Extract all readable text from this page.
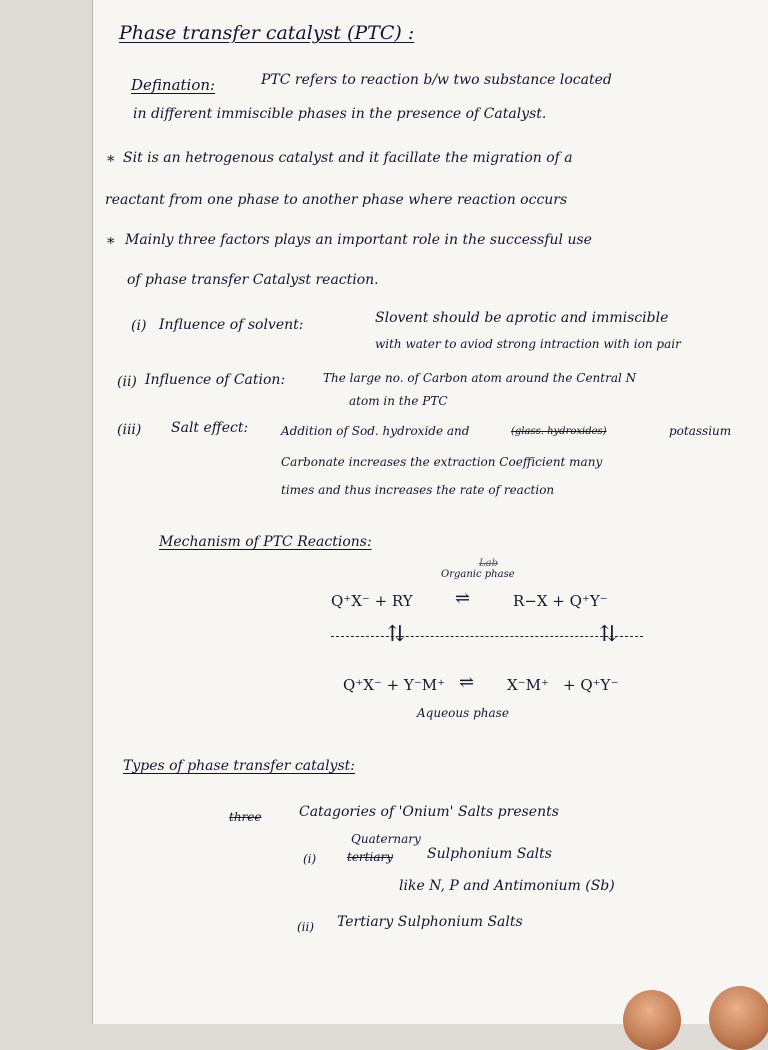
Phase transfer catalyst (PTC) :
Defination:	PTC refers to reaction b/w two substance located
in different immiscible phases in the presence of Catalyst.
* Sit is an hetrogenous catalyst and it facillate the migration of a
reactant from one phase to another phase where reaction occurs
* Mainly three factors plays an important role in the successful use
of phase transfer Catalyst reaction.
(i) Influence of solvent:	Slovent should be aprotic and immiscible
with water to aviod strong intraction with ion pair
(ii) Influence of Cation:	The large no. of Carbon atom around the Central N
atom in the PTC
(iii) Salt effect:	Addition of Sod. hydroxide and	(glass. hydroxides)	potassium
Carbonate increases the extraction Coefficient many
times and thus increases the rate of reaction
Mechanism of PTC Reactions:
Organic phase
Lab
Q⁺X⁻ + RY ⇌	R−X + Q⁺Y⁻
⇅	⇅
Q⁺X⁻ + Y⁻M⁺ ⇌ X⁻M⁺ + Q⁺Y⁻
Aqueous phase
Types of phase transfer catalyst:
three	Catagories of 'Onium' Salts presents
Quaternary
(i)	tertiary Sulphonium Salts
like N, P and Antimonium (Sb)
(ii) Tertiary Sulphonium Salts
